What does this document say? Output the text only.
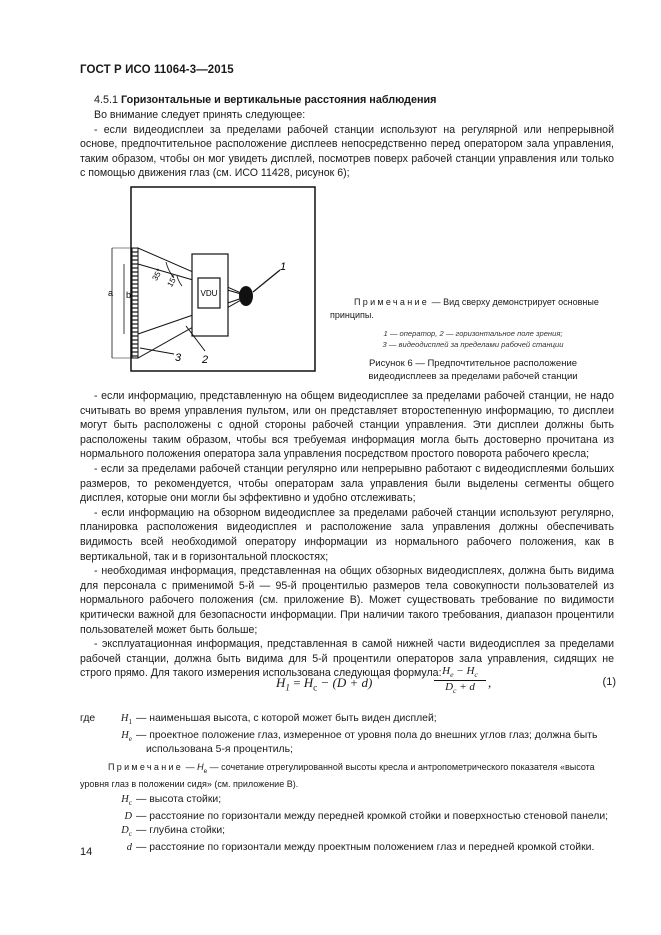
ГОСТ Р ИСО 11064-3—2015
4.5.1 Горизонтальные и вертикальные расстояния наблюдения

Во внимание следует принять следующее:

- если видеодисплеи за пределами рабочей станции используют на регулярной или непрерывной основе, предпочтительное расположение дисплеев непосредственно перед оператором зала управления, таким образом, чтобы он мог увидеть дисплей, посмотрев поверх рабочей станции управления или только с помощью движения глаз (см. ИСО 11428, рисунок 6);

VDU
1
2
3
a b
35° 15°
Примечание — Вид сверху демонстрирует основные принципы.
1 — оператор, 2 — горизонтальное поле зрения;
3 — видеодисплей за пределами рабочей станции
Рисунок 6 — Предпочтительное расположение
видеодисплеев за пределами рабочей станции

- если информацию, представленную на общем видеодисплее за пределами рабочей станции, не надо считывать во время управления пультом, или он представляет второстепенную информацию, то дисплеи могут быть расположены с одной стороны рабочей станции управления. Эти дисплеи должны быть расположены таким образом, чтобы вся требуемая информация могла быть достоверно прочитана из нормального положения оператора зала управления посредством простого поворота рабочего кресла;

- если за пределами рабочей станции регулярно или непрерывно работают с видеодисплеями больших размеров, то рекомендуется, чтобы операторам зала управления были выделены сегменты общего дисплея, которые они могли бы эффективно и удобно отслеживать;

- если информацию на обзорном видеодисплее за пределами рабочей станции используют регулярно, планировка расположения видеодисплея и расположение зала управления должны обеспечивать видимость всей необходимой оператору информации из нормального рабочего положения, как в вертикальной, так и в горизонтальной плоскостях;

- необходимая информация, представленная на общих обзорных видеодисплеях, должна быть видима для персонала с применимой 5-й — 95-й процентилью размеров тела совокупности пользователей из нормального рабочего положения (см. приложение В). Может существовать требование по видимости критически важной для безопасности информации. При наличии такого требования, диапазон процентили пользователей может быть больше;

- эксплуатационная информация, представленная в самой нижней части видеодисплея за пределами рабочей станции, должна быть видима для 5-й процентили операторов зала управления, сидящих не строго прямо. Для такого измерения использована следующая формула:

$H_1 = H_c - (D + d)$
$H_e - H_c$
$D_c + d$	,	(1)
где	$H_1$ — наименьшая высота, с которой может быть виден дисплей;
$H_e$ — проектное положение глаз, измеренное от уровня пола до внешних углов глаз; должна быть
использована 5-я процентиль;
Примечание — $H_e$ — сочетание отрегулированной высоты кресла и антропометрического показателя «высота уровня глаз в положении сидя» (см. приложение В).
$H_c$ — высота стойки;
D — расстояние по горизонтали между передней кромкой стойки и поверхностью стеновой панели;
$D_c$ — глубина стойки;
d — расстояние по горизонтали между проектным положением глаз и передней кромкой стойки.
14
